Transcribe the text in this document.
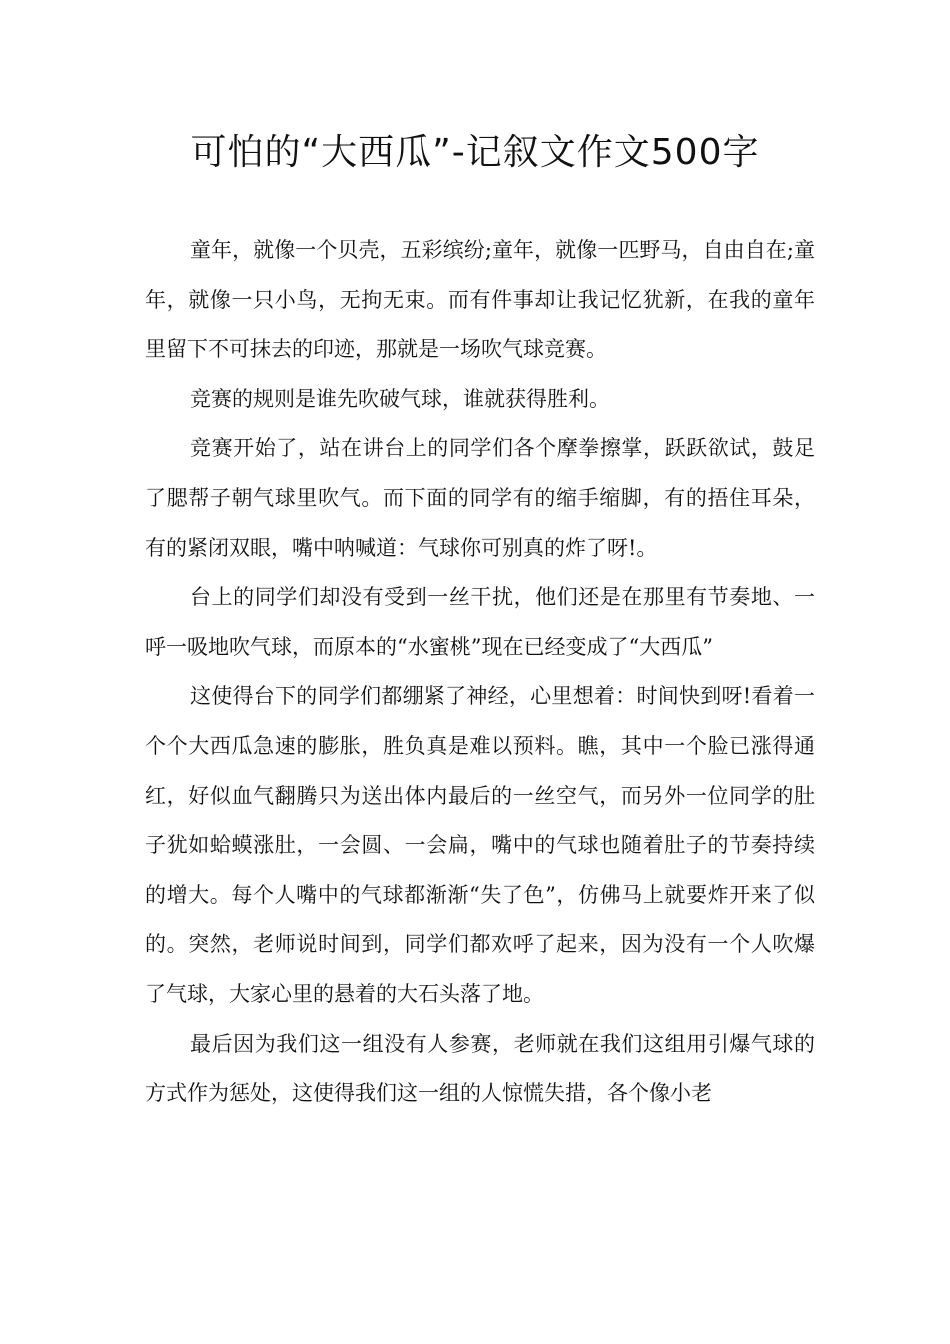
可怕的“大西瓜”-记叙文作文500字

童年，就像一个贝壳，五彩缤纷;童年，就像一匹野马，自由自在;童年，就像一只小鸟，无拘无束。而有件事却让我记忆犹新，在我的童年里留下不可抹去的印迹，那就是一场吹气球竞赛。

竞赛的规则是谁先吹破气球，谁就获得胜利。

竞赛开始了，站在讲台上的同学们各个摩拳擦掌，跃跃欲试，鼓足了腮帮子朝气球里吹气。而下面的同学有的缩手缩脚，有的捂住耳朵，有的紧闭双眼，嘴中呐喊道：气球你可别真的炸了呀!。

台上的同学们却没有受到一丝干扰，他们还是在那里有节奏地、一呼一吸地吹气球，而原本的“水蜜桃”现在已经变成了“大西瓜”

这使得台下的同学们都绷紧了神经，心里想着：时间快到呀!看着一个个大西瓜急速的膨胀，胜负真是难以预料。瞧，其中一个脸已涨得通红，好似血气翻腾只为送出体内最后的一丝空气，而另外一位同学的肚子犹如蛤蟆涨肚，一会圆、一会扁，嘴中的气球也随着肚子的节奏持续的增大。每个人嘴中的气球都渐渐“失了色”，仿佛马上就要炸开来了似的。突然，老师说时间到，同学们都欢呼了起来，因为没有一个人吹爆了气球，大家心里的悬着的大石头落了地。

最后因为我们这一组没有人参赛，老师就在我们这组用引爆气球的方式作为惩处，这使得我们这一组的人惊慌失措，各个像小老
